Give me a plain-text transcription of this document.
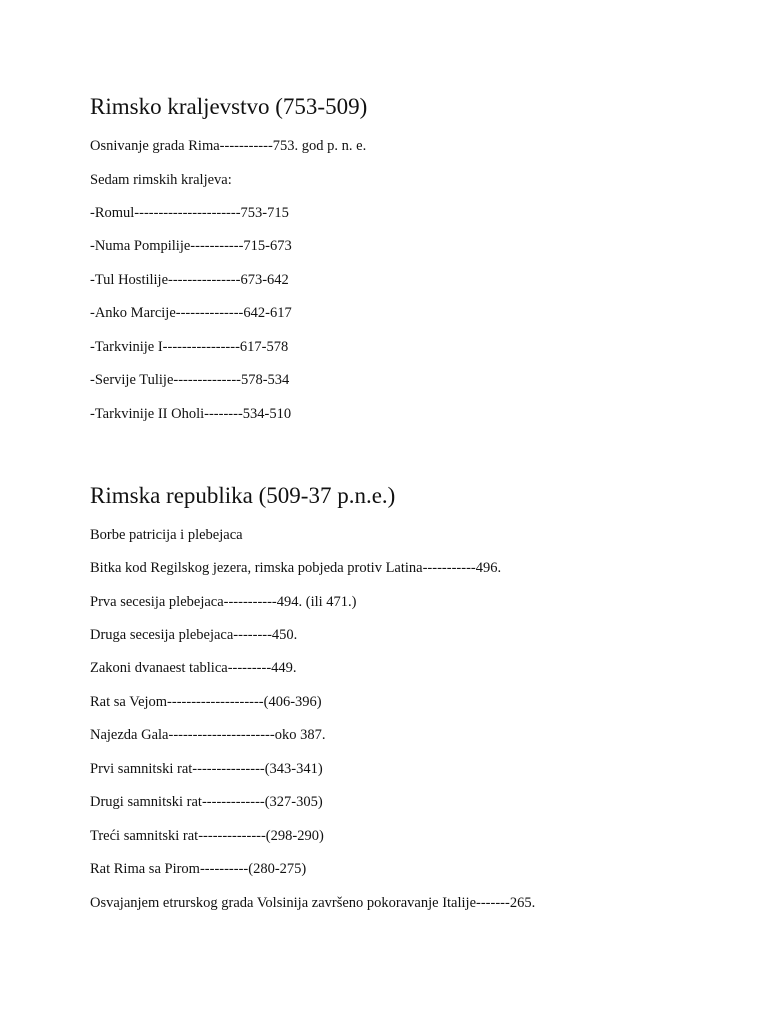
Rimsko kraljevstvo (753-509)

Osnivanje grada Rima-----------753. god p. n. e.

Sedam rimskih kraljeva:

-Romul----------------------753-715

-Numa Pompilije-----------715-673

-Tul Hostilije---------------673-642

-Anko Marcije--------------642-617

-Tarkvinije I----------------617-578

-Servije Tulije--------------578-534

-Tarkvinije II Oholi--------534-510

Rimska republika (509-37 p.n.e.)

Borbe patricija i plebejaca

Bitka kod Regilskog jezera, rimska pobjeda protiv Latina-----------496.

Prva secesija plebejaca-----------494. (ili 471.)

Druga secesija plebejaca--------450.

Zakoni dvanaest tablica---------449.

Rat sa Vejom--------------------(406-396)

Najezda Gala----------------------oko 387.

Prvi samnitski rat---------------(343-341)

Drugi samnitski rat-------------(327-305)

Treći samnitski rat--------------(298-290)

Rat Rima sa Pirom----------(280-275)

Osvajanjem etrurskog grada Volsinija završeno pokoravanje Italije-------265.
